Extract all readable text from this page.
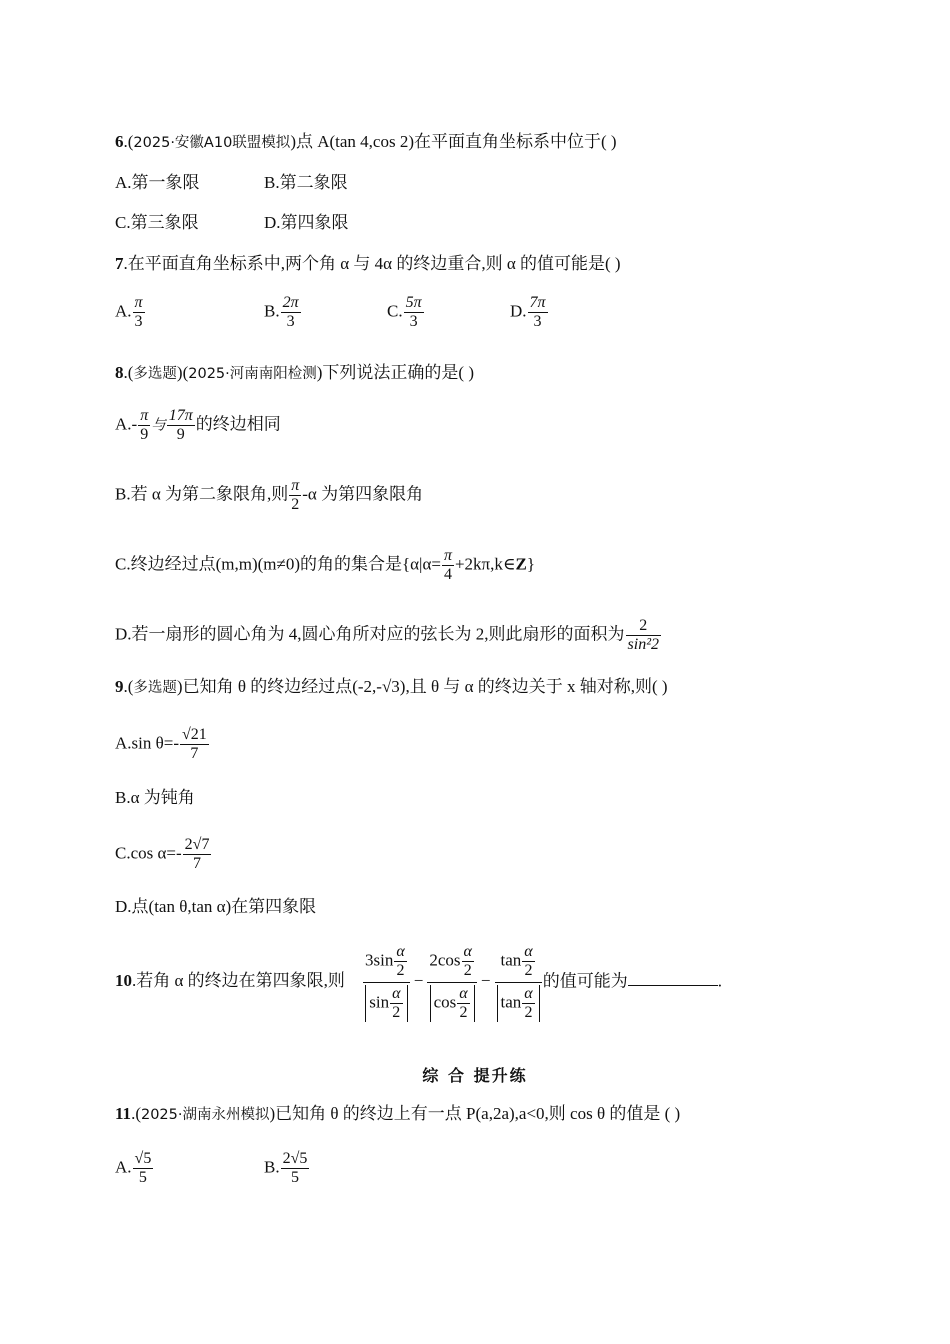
6.(2025·安徽A10联盟模拟)点 A(tan 4,cos 2)在平面直角坐标系中位于( )
A.第一象限	B.第二象限
C.第三象限	D.第四象限
7.在平面直角坐标系中,两个角 α 与 4α 的终边重合,则 α 的值可能是( )
A. $\frac{\pi}{3}$	B. $\frac{2\pi}{3}$	C. $\frac{5\pi}{3}$	D. $\frac{7\pi}{3}$
8.(多选题)(2025·河南南阳检测)下列说法正确的是( )
$A.- \frac{\pi}{9}$ 与 $\frac{17\pi}{9}$ 的终边相同
B.若 α 为第二象限角,则 $\frac{\pi}{2} -\alpha$ 为第四象限角
C.终边经过点(m,m)(m≠0)的角的集合是{$\alpha|\alpha= \frac{\pi}{4}$ +2kπ,k∈Z}
D.若一扇形的圆心角为 4,圆心角所对应的弦长为 2,则此扇形的面积为 $\frac{2}{\text{sin²2}}$
9.(多选题)已知角 θ 的终边经过点(-2,-√3),且 θ 与 α 的终边关于 x 轴对称,则( )
A.sin $\theta=- \frac{√21}{7}$
B.α 为钝角
C.cos $\alpha=- \frac{2√7}{7}$
D.点(tan θ,tan α)在第四象限
10.若角 α 的终边在第四象限,则 $\frac{3\sin \frac{\alpha}{2}}{\sin \frac{\alpha}{2}} - \frac{2\cos \frac{\alpha}{2}}{\cos \frac{\alpha}{2}} - \frac{\tan \frac{\alpha}{2}}{\tan \frac{\alpha}{2}}$ 的值可能为	.
综 合 提升练
11.(2025·湖南永州模拟)已知角 θ 的终边上有一点 P(a,2a),a<0,则 cos θ 的值是 ( )
A. $\frac{√5}{5}$	B. $\frac{2√5}{5}$
